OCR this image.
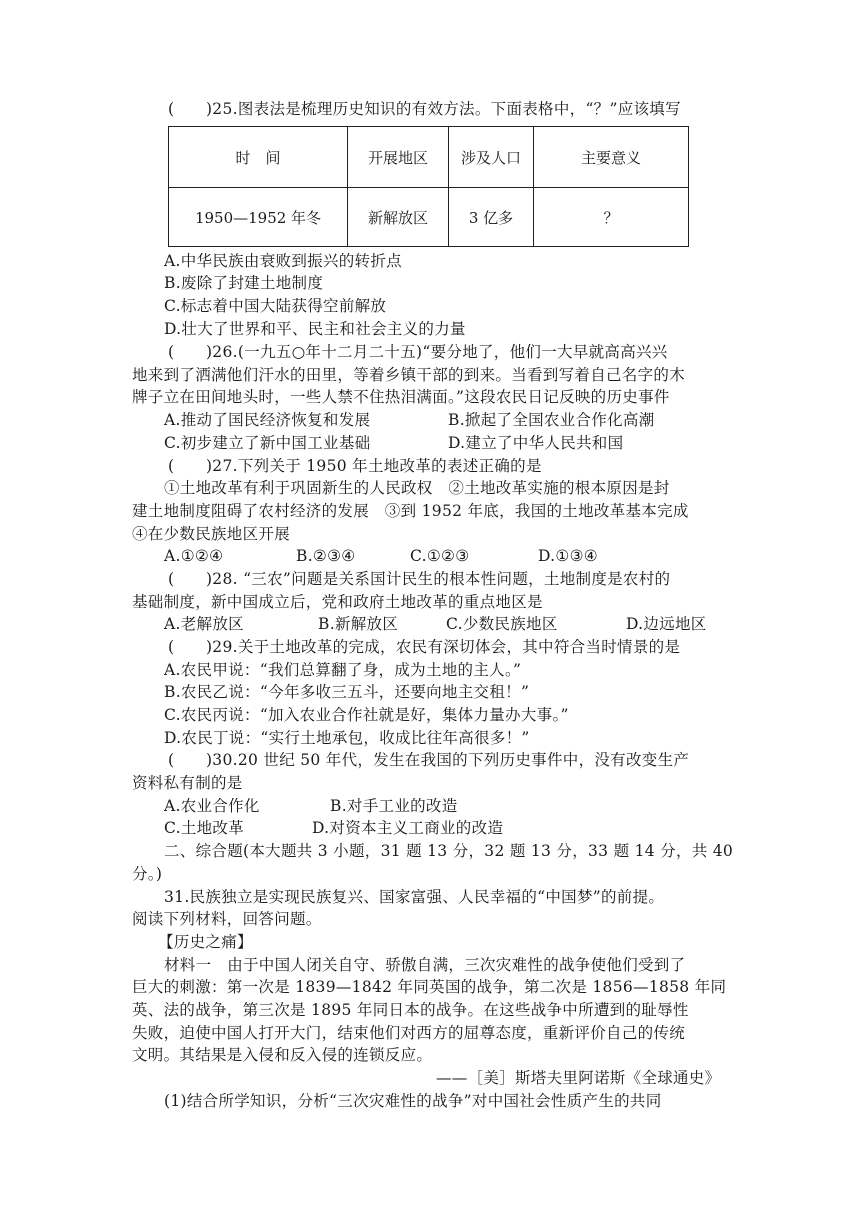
(　　)25.图表法是梳理历史知识的有效方法。下面表格中，“？”应该填写
时　间	开展地区	涉及人口	主要意义
1950—1952 年冬	新解放区	3 亿多	？
A.中华民族由衰败到振兴的转折点
B.废除了封建土地制度
C.标志着中国大陆获得空前解放
D.壮大了世界和平、民主和社会主义的力量
(　　)26.(一九五○年十二月二十五)“要分地了，他们一大早就高高兴兴
地来到了洒满他们汗水的田里，等着乡镇干部的到来。当看到写着自己名字的木
牌子立在田间地头时，一些人禁不住热泪满面。”这段农民日记反映的历史事件
A.推动了国民经济恢复和发展	B.掀起了全国农业合作化高潮
C.初步建立了新中国工业基础	D.建立了中华人民共和国
(　　)27.下列关于 1950 年土地改革的表述正确的是
①土地改革有利于巩固新生的人民政权　②土地改革实施的根本原因是封
建土地制度阻碍了农村经济的发展　③到 1952 年底，我国的土地改革基本完成
④在少数民族地区开展
A.①②④	B.②③④	C.①②③	D.①③④
(　　)28. “三农”问题是关系国计民生的根本性问题，土地制度是农村的
基础制度，新中国成立后，党和政府土地改革的重点地区是
A.老解放区	B.新解放区	C.少数民族地区	D.边远地区
(　　)29.关于土地改革的完成，农民有深切体会，其中符合当时情景的是
A.农民甲说：“我们总算翻了身，成为土地的主人。”
B.农民乙说：“今年多收三五斗，还要向地主交租！”
C.农民丙说：“加入农业合作社就是好，集体力量办大事。”
D.农民丁说：“实行土地承包，收成比往年高很多！”
(　　)30.20 世纪 50 年代，发生在我国的下列历史事件中，没有改变生产
资料私有制的是
A.农业合作化	B.对手工业的改造
C.土地改革	D.对资本主义工商业的改造
二、综合题(本大题共 3 小题，31 题 13 分，32 题 13 分，33 题 14 分，共 40
分。)
31.民族独立是实现民族复兴、国家富强、人民幸福的“中国梦”的前提。
阅读下列材料，回答问题。
【历史之痛】
材料一　由于中国人闭关自守、骄傲自满，三次灾难性的战争使他们受到了
巨大的刺激：第一次是 1839—1842 年同英国的战争，第二次是 1856—1858 年同
英、法的战争，第三次是 1895 年同日本的战争。在这些战争中所遭到的耻辱性
失败，迫使中国人打开大门，结束他们对西方的屈尊态度，重新评价自己的传统
文明。其结果是入侵和反入侵的连锁反应。
——［美］斯塔夫里阿诺斯《全球通史》
(1)结合所学知识，分析“三次灾难性的战争”对中国社会性质产生的共同
